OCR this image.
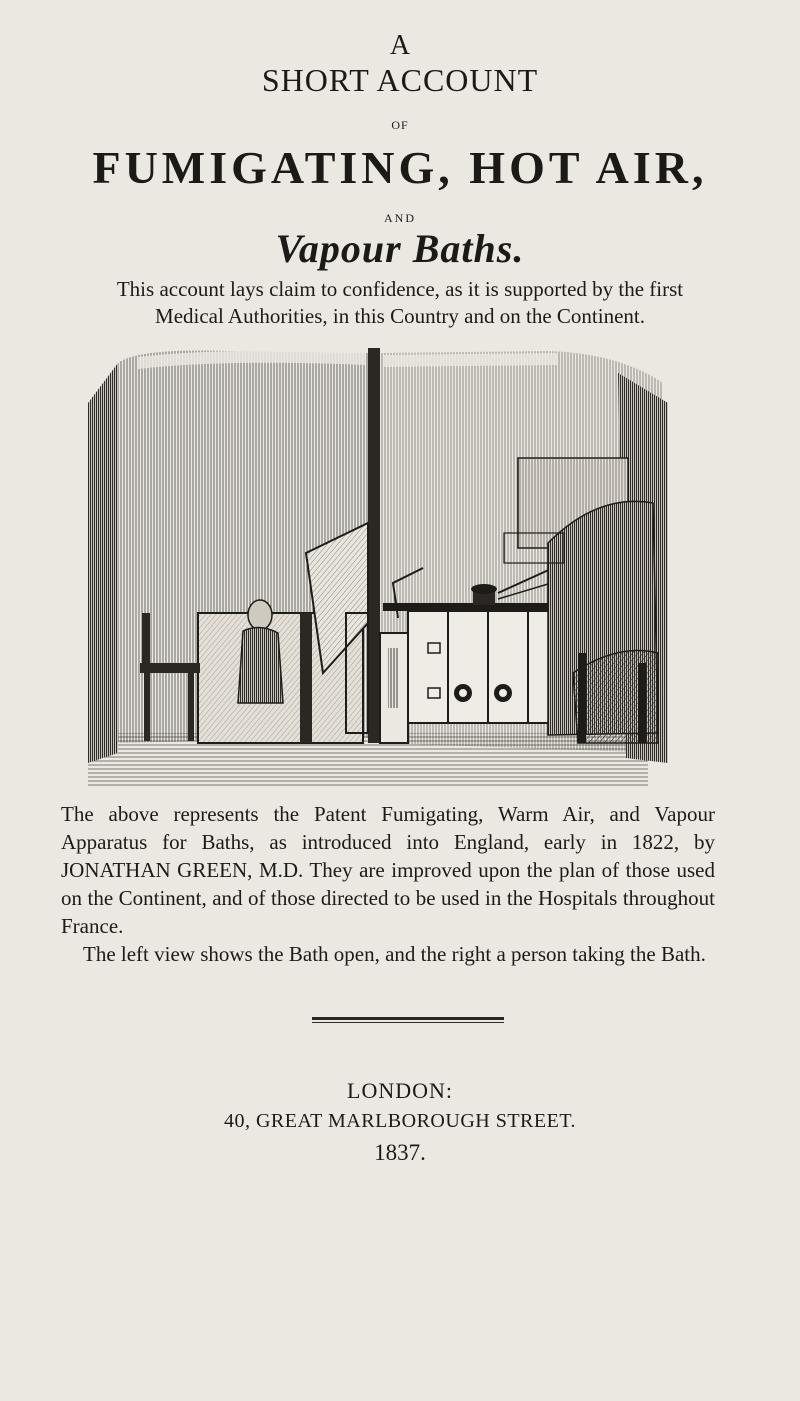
A
SHORT ACCOUNT
OF
FUMIGATING, HOT AIR,
AND
Vapour Baths.
This account lays claim to confidence, as it is supported by the first
Medical Authorities, in this Country and on the Continent.

The above represents the Patent Fumigating, Warm Air, and Vapour Apparatus for Baths, as introduced into England, early in 1822, by JONATHAN GREEN, M.D. They are improved upon the plan of those used on the Continent, and of those directed to be used in the Hospitals throughout France.

The left view shows the Bath open, and the right a person taking the Bath.

LONDON:
40, GREAT MARLBOROUGH STREET.
1837.
